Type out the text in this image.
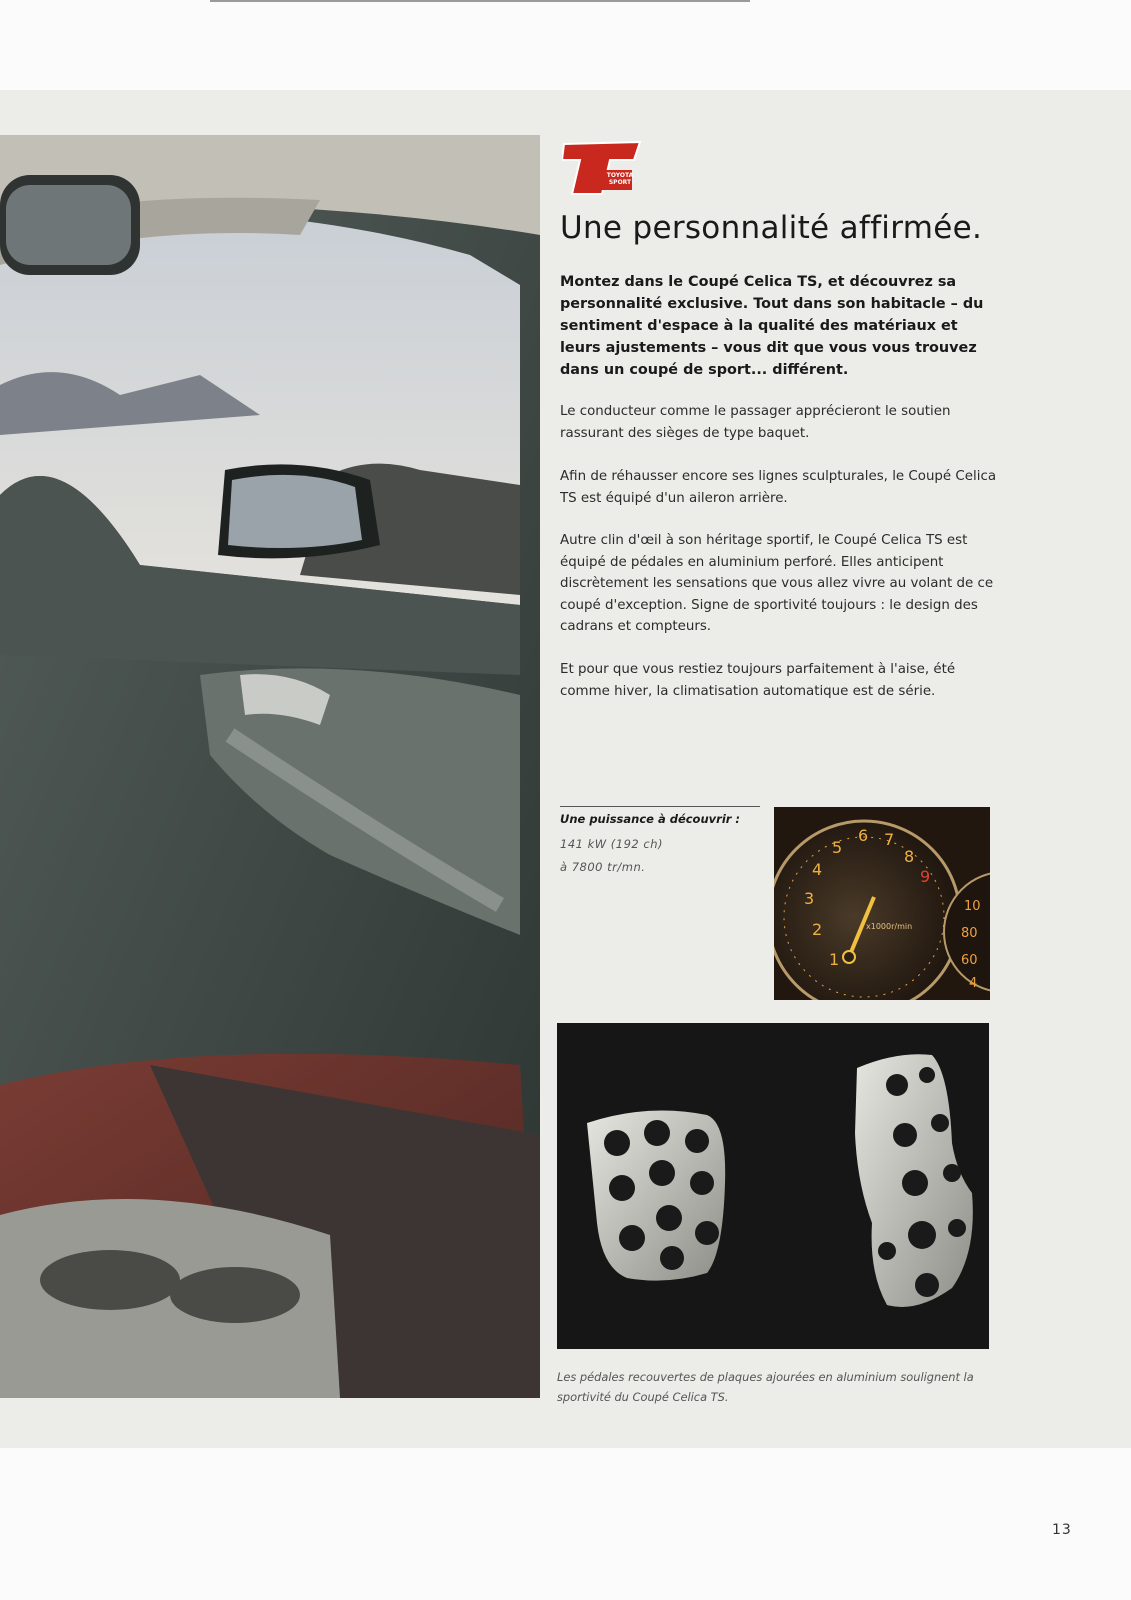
TOYOTA
SPORT
Une personnalité affirmée.

Montez dans le Coupé Celica TS, et découvrez sa personnalité exclusive. Tout dans son habitacle – du sentiment d'espace à la qualité des matériaux et leurs ajustements – vous dit que vous vous trouvez dans un coupé de sport... différent.

Le conducteur comme le passager apprécieront le soutien rassurant des sièges de type baquet.

Afin de réhausser encore ses lignes sculpturales, le Coupé Celica TS est équipé d'un aileron arrière.

Autre clin d'œil à son héritage sportif, le Coupé Celica TS est équipé de pédales en aluminium perforé. Elles anticipent discrètement les sensations que vous allez vivre au volant de ce coupé d'exception. Signe de sportivité toujours : le design des cadrans et compteurs.

Et pour que vous restiez toujours parfaitement à l'aise, été comme hiver, la climatisation automatique est de série.

Une puissance à découvrir :
141 kW (192 ch)
à 7800 tr/mn.
1
2
3
4
5
6 7
8
9
x1000r/min
10
80
60
4

Les pédales recouvertes de plaques ajourées en aluminium soulignent la sportivité du Coupé Celica TS.

13
